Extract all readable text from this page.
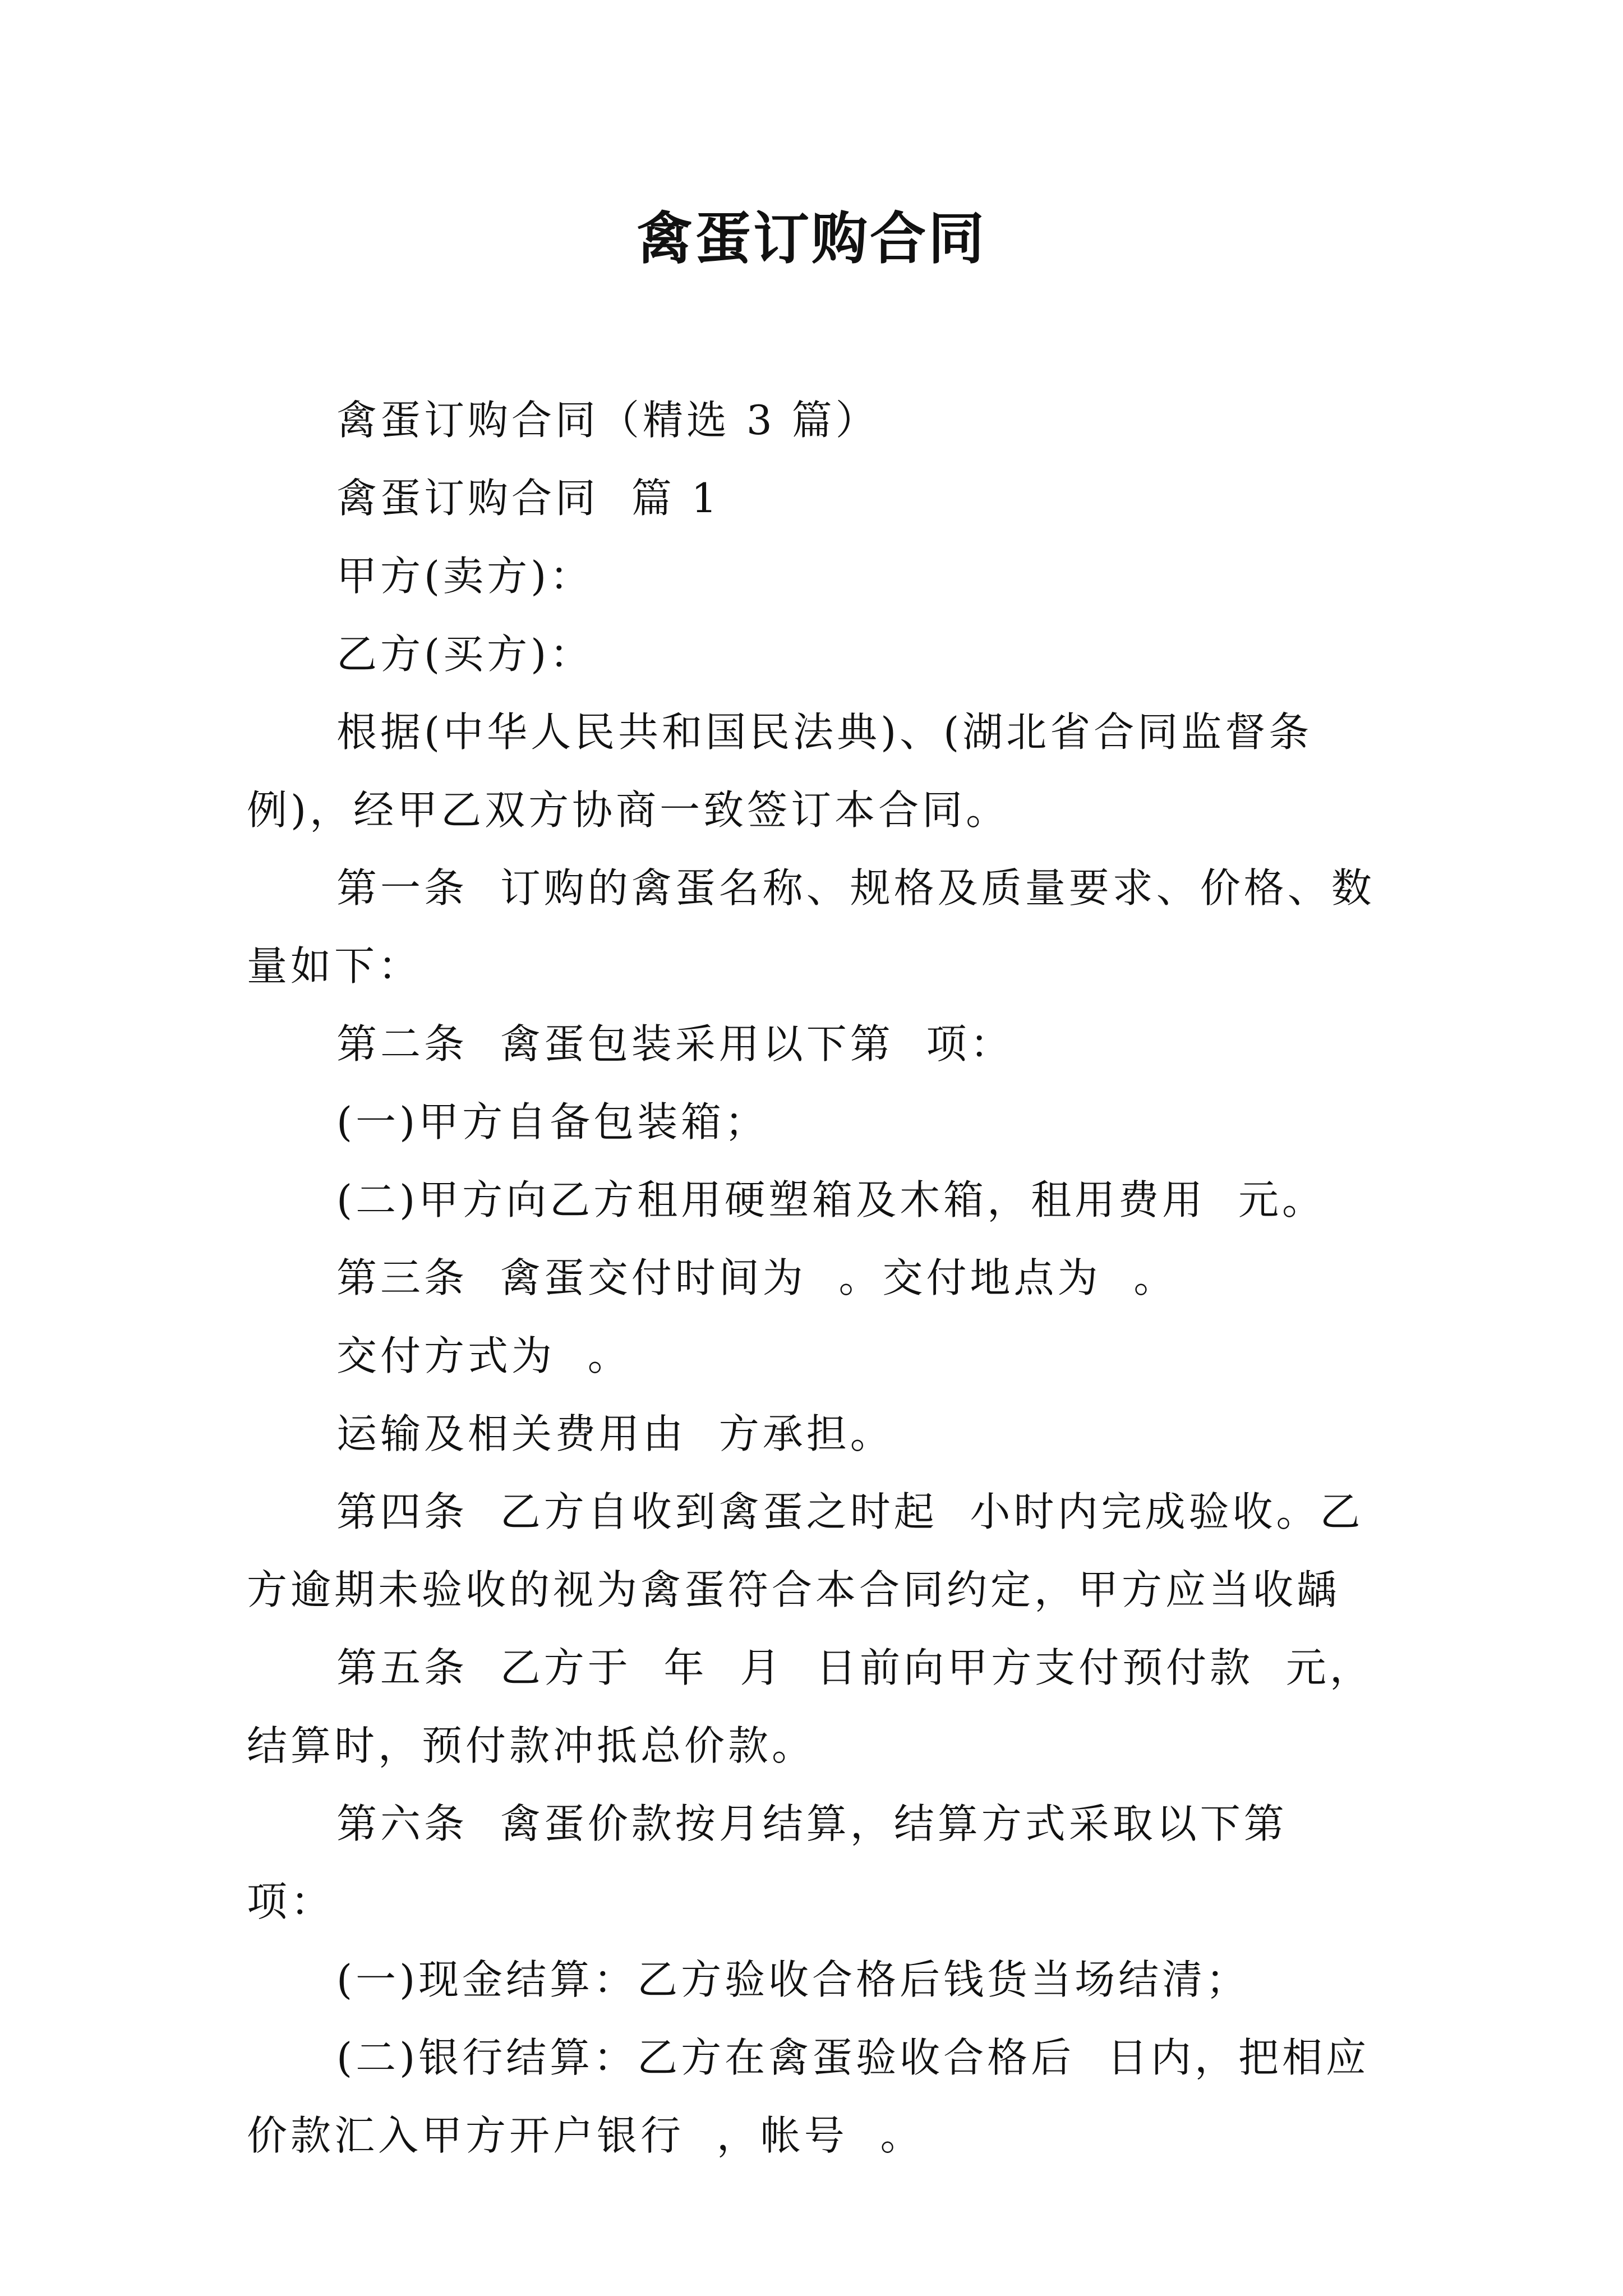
禽蛋订购合同

禽蛋订购合同（精选 3 篇）

禽蛋订购合同  篇 1

甲方(卖方)：

乙方(买方)：

根据(中华人民共和国民法典)、(湖北省合同监督条例)，经甲乙双方协商一致签订本合同。

第一条  订购的禽蛋名称、规格及质量要求、价格、数量如下：

第二条  禽蛋包装采用以下第  项：

(一)甲方自备包装箱；

(二)甲方向乙方租用硬塑箱及木箱，租用费用  元。

第三条  禽蛋交付时间为  。交付地点为  。

交付方式为  。

运输及相关费用由  方承担。

第四条  乙方自收到禽蛋之时起  小时内完成验收。乙方逾期未验收的视为禽蛋符合本合同约定，甲方应当收龋

第五条  乙方于  年  月  日前向甲方支付预付款  元，结算时，预付款冲抵总价款。

第六条  禽蛋价款按月结算，结算方式采取以下第  项：

(一)现金结算：乙方验收合格后钱货当场结清；

(二)银行结算：乙方在禽蛋验收合格后  日内，把相应价款汇入甲方开户银行  ，帐号  。
